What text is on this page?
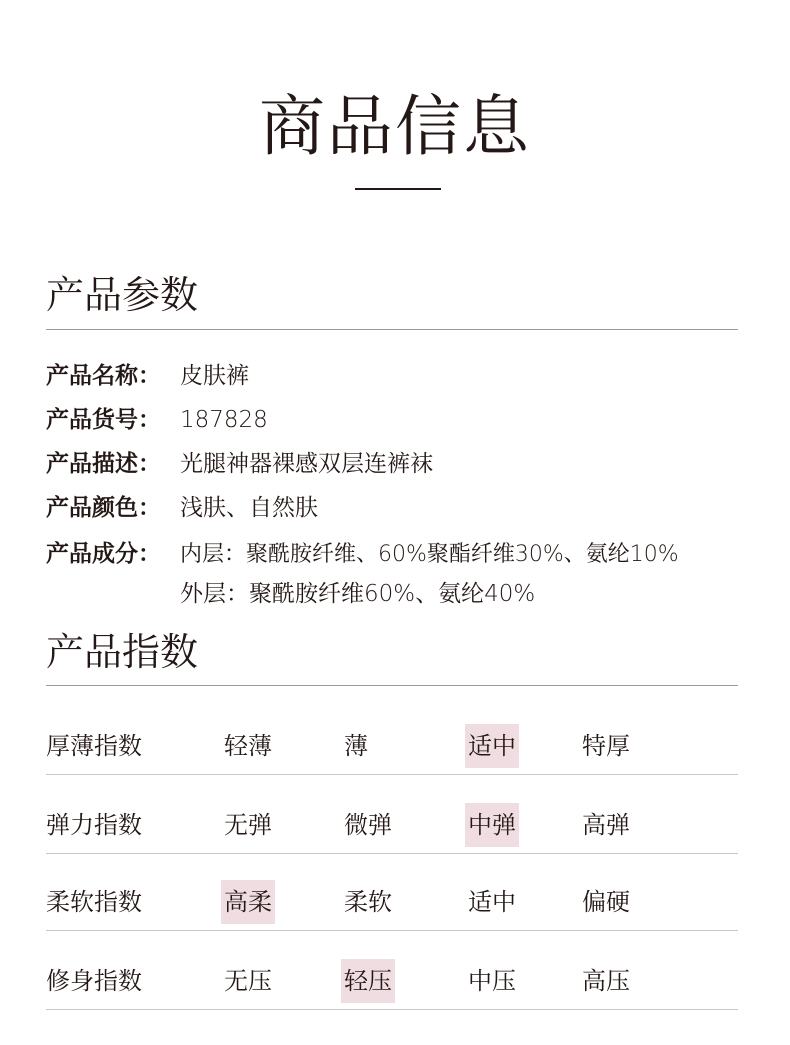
商品信息
产品参数
产品名称： 皮肤裤
产品货号： 187828
产品描述： 光腿神器裸感双层连裤袜
产品颜色： 浅肤、自然肤
产品成分： 内层：聚酰胺纤维、60%聚酯纤维30%、氨纶10%
外层：聚酰胺纤维60%、氨纶40%
产品指数
厚薄指数	轻薄	薄	适中	特厚
弹力指数	无弹	微弹	中弹	高弹
柔软指数	高柔	柔软	适中	偏硬
修身指数	无压	轻压	中压	高压
